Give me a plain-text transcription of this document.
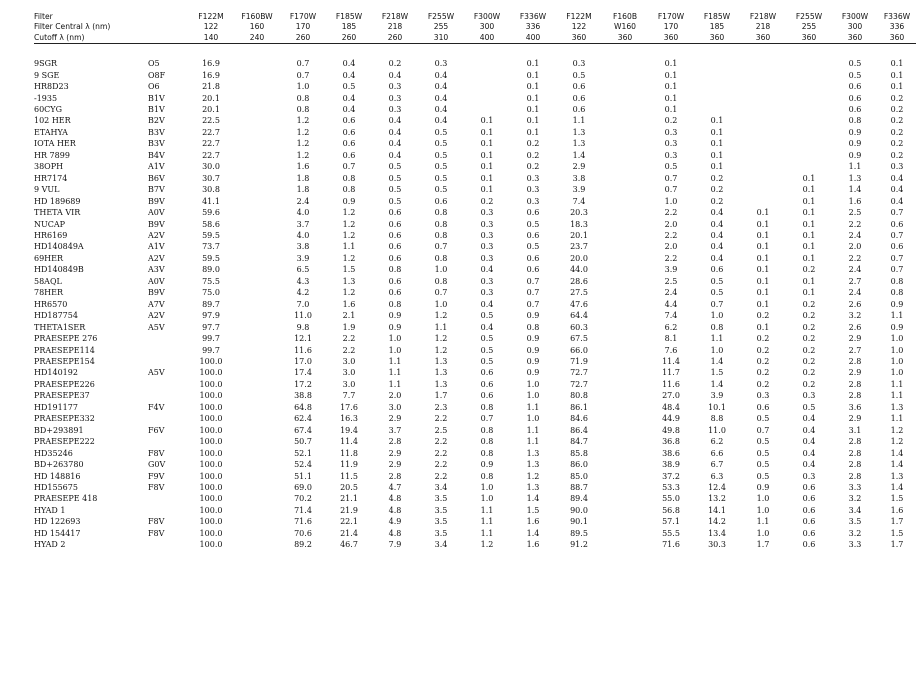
Filter		F122M	F160BW	F170W	F185W	F218W	F255W	F300W	F336W	F122M	F160B	F170W	F185W	F218W	F255W	F300W	F336W
Filter Central λ (nm)		122	160	170	185	218	255	300	336	122	W160	170	185	218	255	300	336
Cutoff λ (nm)		140	240	260	260	260	310	400	400	360	360	360	360	360	360	360	360

9SGR	O5	16.9		0.7	0.4	0.2	0.3		0.1	0.3		0.1				0.5	0.1
9 SGE	O8F	16.9		0.7	0.4	0.4	0.4		0.1	0.5		0.1				0.5	0.1
HR8D23	O6	21.8		1.0	0.5	0.3	0.4		0.1	0.6		0.1				0.6	0.1
-1935	B1V	20.1		0.8	0.4	0.3	0.4		0.1	0.6		0.1				0.6	0.2
60CYG	B1V	20.1		0.8	0.4	0.3	0.4		0.1	0.6		0.1				0.6	0.2
102 HER	B2V	22.5		1.2	0.6	0.4	0.4	0.1	0.1	1.1		0.2	0.1			0.8	0.2
ETAHYA	B3V	22.7		1.2	0.6	0.4	0.5	0.1	0.1	1.3		0.3	0.1			0.9	0.2
IOTA HER	B3V	22.7		1.2	0.6	0.4	0.5	0.1	0.2	1.3		0.3	0.1			0.9	0.2
HR 7899	B4V	22.7		1.2	0.6	0.4	0.5	0.1	0.2	1.4		0.3	0.1			0.9	0.2
38OPH	A1V	30.0		1.6	0.7	0.5	0.5	0.1	0.2	2.9		0.5	0.1			1.1	0.3
HR7174	B6V	30.7		1.8	0.8	0.5	0.5	0.1	0.3	3.8		0.7	0.2		0.1	1.3	0.4
9 VUL	B7V	30.8		1.8	0.8	0.5	0.5	0.1	0.3	3.9		0.7	0.2		0.1	1.4	0.4
HD 189689	B9V	41.1		2.4	0.9	0.5	0.6	0.2	0.3	7.4		1.0	0.2		0.1	1.6	0.4
THETA VIR	A0V	59.6		4.0	1.2	0.6	0.8	0.3	0.6	20.3		2.2	0.4	0.1	0.1	2.5	0.7
NUCAP	B9V	58.6		3.7	1.2	0.6	0.8	0.3	0.5	18.3		2.0	0.4	0.1	0.1	2.2	0.6
HR6169	A2V	59.5		4.0	1.2	0.6	0.8	0.3	0.6	20.1		2.2	0.4	0.1	0.1	2.4	0.7
HD140849A	A1V	73.7		3.8	1.1	0.6	0.7	0.3	0.5	23.7		2.0	0.4	0.1	0.1	2.0	0.6
69HER	A2V	59.5		3.9	1.2	0.6	0.8	0.3	0.6	20.0		2.2	0.4	0.1	0.1	2.2	0.7
HD140849B	A3V	89.0		6.5	1.5	0.8	1.0	0.4	0.6	44.0		3.9	0.6	0.1	0.2	2.4	0.7
58AQL	A0V	75.5		4.3	1.3	0.6	0.8	0.3	0.7	28.6		2.5	0.5	0.1	0.1	2.7	0.8
78HER	B9V	75.0		4.2	1.2	0.6	0.7	0.3	0.7	27.5		2.4	0.5	0.1	0.1	2.4	0.8
HR6570	A7V	89.7		7.0	1.6	0.8	1.0	0.4	0.7	47.6		4.4	0.7	0.1	0.2	2.6	0.9
HD187754	A2V	97.9		11.0	2.1	0.9	1.2	0.5	0.9	64.4		7.4	1.0	0.2	0.2	3.2	1.1
THETA1SER	A5V	97.7		9.8	1.9	0.9	1.1	0.4	0.8	60.3		6.2	0.8	0.1	0.2	2.6	0.9
PRAESEPE 276		99.7		12.1	2.2	1.0	1.2	0.5	0.9	67.5		8.1	1.1	0.2	0.2	2.9	1.0
PRAESEPE114		99.7		11.6	2.2	1.0	1.2	0.5	0.9	66.0		7.6	1.0	0.2	0.2	2.7	1.0
PRAESEPE154		100.0		17.0	3.0	1.1	1.3	0.5	0.9	71.9		11.4	1.4	0.2	0.2	2.8	1.0
HD140192	A5V	100.0		17.4	3.0	1.1	1.3	0.6	0.9	72.7		11.7	1.5	0.2	0.2	2.9	1.0
PRAESEPE226		100.0		17.2	3.0	1.1	1.3	0.6	1.0	72.7		11.6	1.4	0.2	0.2	2.8	1.1
PRAESEPE37		100.0		38.8	7.7	2.0	1.7	0.6	1.0	80.8		27.0	3.9	0.3	0.3	2.8	1.1
HD191177	F4V	100.0		64.8	17.6	3.0	2.3	0.8	1.1	86.1		48.4	10.1	0.6	0.5	3.6	1.3
PRAESEPE332		100.0		62.4	16.3	2.9	2.2	0.7	1.0	84.6		44.9	8.8	0.5	0.4	2.9	1.1
BD+293891	F6V	100.0		67.4	19.4	3.7	2.5	0.8	1.1	86.4		49.8	11.0	0.7	0.4	3.1	1.2
PRAESEPE222		100.0		50.7	11.4	2.8	2.2	0.8	1.1	84.7		36.8	6.2	0.5	0.4	2.8	1.2
HD35246	F8V	100.0		52.1	11.8	2.9	2.2	0.8	1.3	85.8		38.6	6.6	0.5	0.4	2.8	1.4
BD+263780	G0V	100.0		52.4	11.9	2.9	2.2	0.9	1.3	86.0		38.9	6.7	0.5	0.4	2.8	1.4
HD 148816	F9V	100.0		51.1	11.5	2.8	2.2	0.8	1.2	85.0		37.2	6.3	0.5	0.3	2.8	1.3
HD155675	F8V	100.0		69.0	20.5	4.7	3.4	1.0	1.3	88.7		53.3	12.4	0.9	0.6	3.3	1.4
PRAESEPE 418		100.0		70.2	21.1	4.8	3.5	1.0	1.4	89.4		55.0	13.2	1.0	0.6	3.2	1.5
HYAD 1		100.0		71.4	21.9	4.8	3.5	1.1	1.5	90.0		56.8	14.1	1.0	0.6	3.4	1.6
HD 122693	F8V	100.0		71.6	22.1	4.9	3.5	1.1	1.6	90.1		57.1	14.2	1.1	0.6	3.5	1.7
HD 154417	F8V	100.0		70.6	21.4	4.8	3.5	1.1	1.4	89.5		55.5	13.4	1.0	0.6	3.2	1.5
HYAD 2		100.0		89.2	46.7	7.9	3.4	1.2	1.6	91.2		71.6	30.3	1.7	0.6	3.3	1.7
